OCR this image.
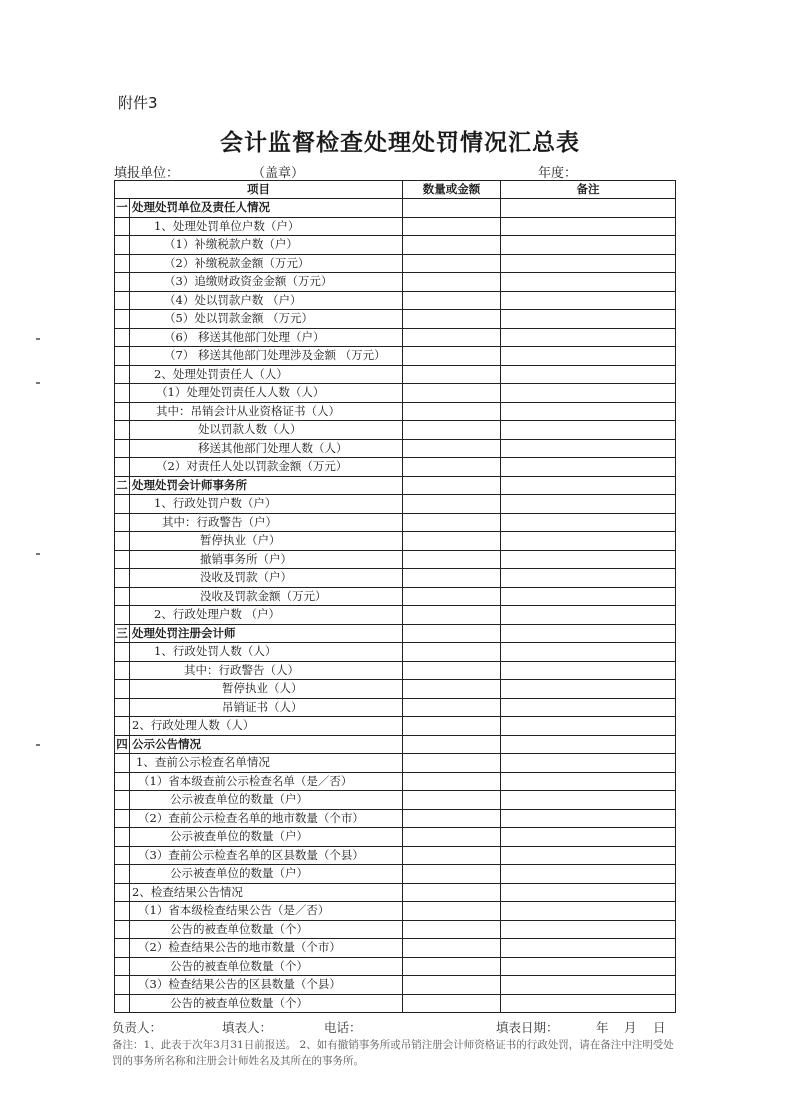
附件3
会计监督检查处理处罚情况汇总表
填报单位：	（盖章）	年度：
项目		数量或金额	备注
一	处理处罚单位及责任人情况		
	1、处理处罚单位户数（户）		
	（1）补缴税款户数（户）		
	（2）补缴税款金额（万元）		
	（3）追缴财政资金金额（万元）		
	（4）处以罚款户数 （户）		
	（5）处以罚款金额 （万元）		
	（6） 移送其他部门处理（户）		
	（7） 移送其他部门处理涉及金额 （万元）		
	2、处理处罚责任人（人）		
	（1）处理处罚责任人人数（人）		
	其中：吊销会计从业资格证书（人）		
	处以罚款人数（人）		
	移送其他部门处理人数（人）		
	（2）对责任人处以罚款金额（万元）		
二	处理处罚会计师事务所		
	1、行政处罚户数（户）		
	其中：行政警告（户）		
	暂停执业（户）		
	撤销事务所（户）		
	没收及罚款（户）		
	没收及罚款金额（万元）		
	2、行政处理户数 （户）		
三	处理处罚注册会计师		
	1、行政处罚人数（人）		
	其中：行政警告（人）		
	暂停执业（人）		
	吊销证书（人）		
	2、行政处理人数（人）		
四	公示公告情况		
	1、查前公示检查名单情况		
	（1）省本级查前公示检查名单（是／否）		
	公示被查单位的数量（户）		
	（2）查前公示检查名单的地市数量（个市）		
	公示被查单位的数量（户）		
	（3）查前公示检查名单的区县数量（个县）		
	公示被查单位的数量（户）		
	2、检查结果公告情况		
	（1）省本级检查结果公告（是／否）		
	公告的被查单位数量（个）		
	（2）检查结果公告的地市数量（个市）		
	公告的被查单位数量（个）		
	（3）检查结果公告的区县数量（个县）		
	公告的被查单位数量（个）		
负责人：	填表人：	电话：	填表日期：	年 月 日
备注：1、此表于次年3月31日前报送。 2、如有撤销事务所或吊销注册会计师资格证书的行政处罚，请在备注中注明受处罚的事务所名称和注册会计师姓名及其所在的事务所。
